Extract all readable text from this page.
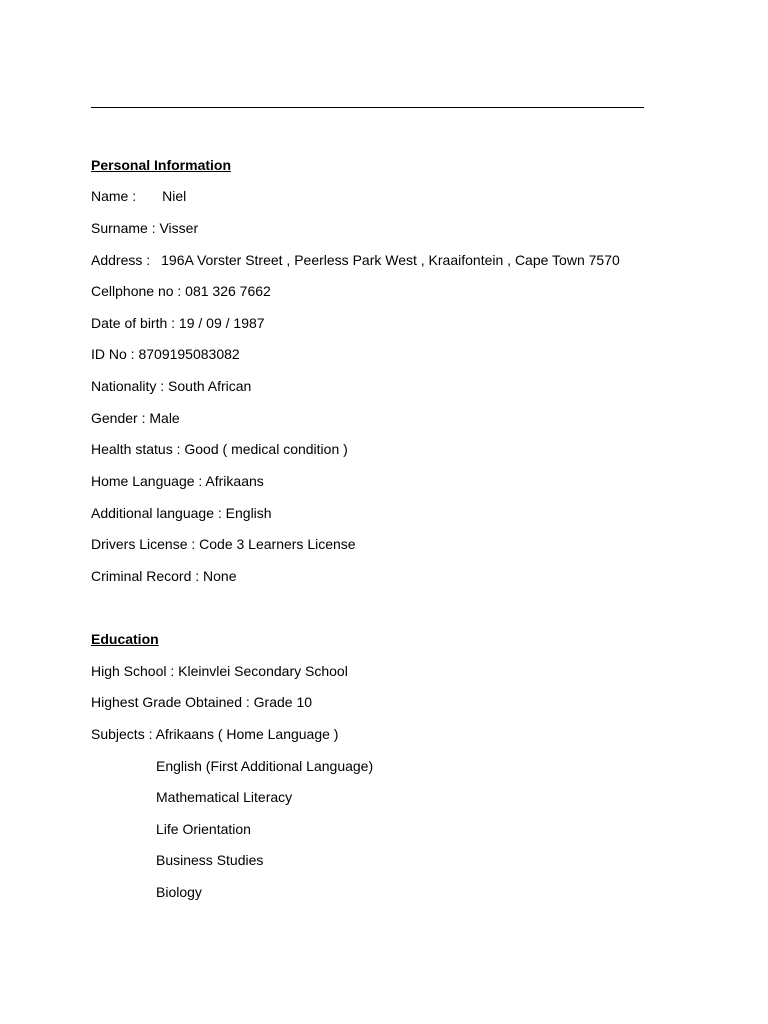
Personal Information
Name : Niel
Surname : Visser
Address : 196A Vorster Street , Peerless Park West , Kraaifontein , Cape Town 7570
Cellphone no : 081 326 7662
Date of birth : 19 / 09 / 1987
ID No : 8709195083082
Nationality : South African
Gender : Male
Health status : Good ( medical condition )
Home Language : Afrikaans
Additional language : English
Drivers License : Code 3 Learners License
Criminal Record : None
Education
High School : Kleinvlei Secondary School
Highest Grade Obtained : Grade 10
Subjects : Afrikaans ( Home Language )
English (First Additional Language)
Mathematical Literacy
Life Orientation
Business Studies
Biology
